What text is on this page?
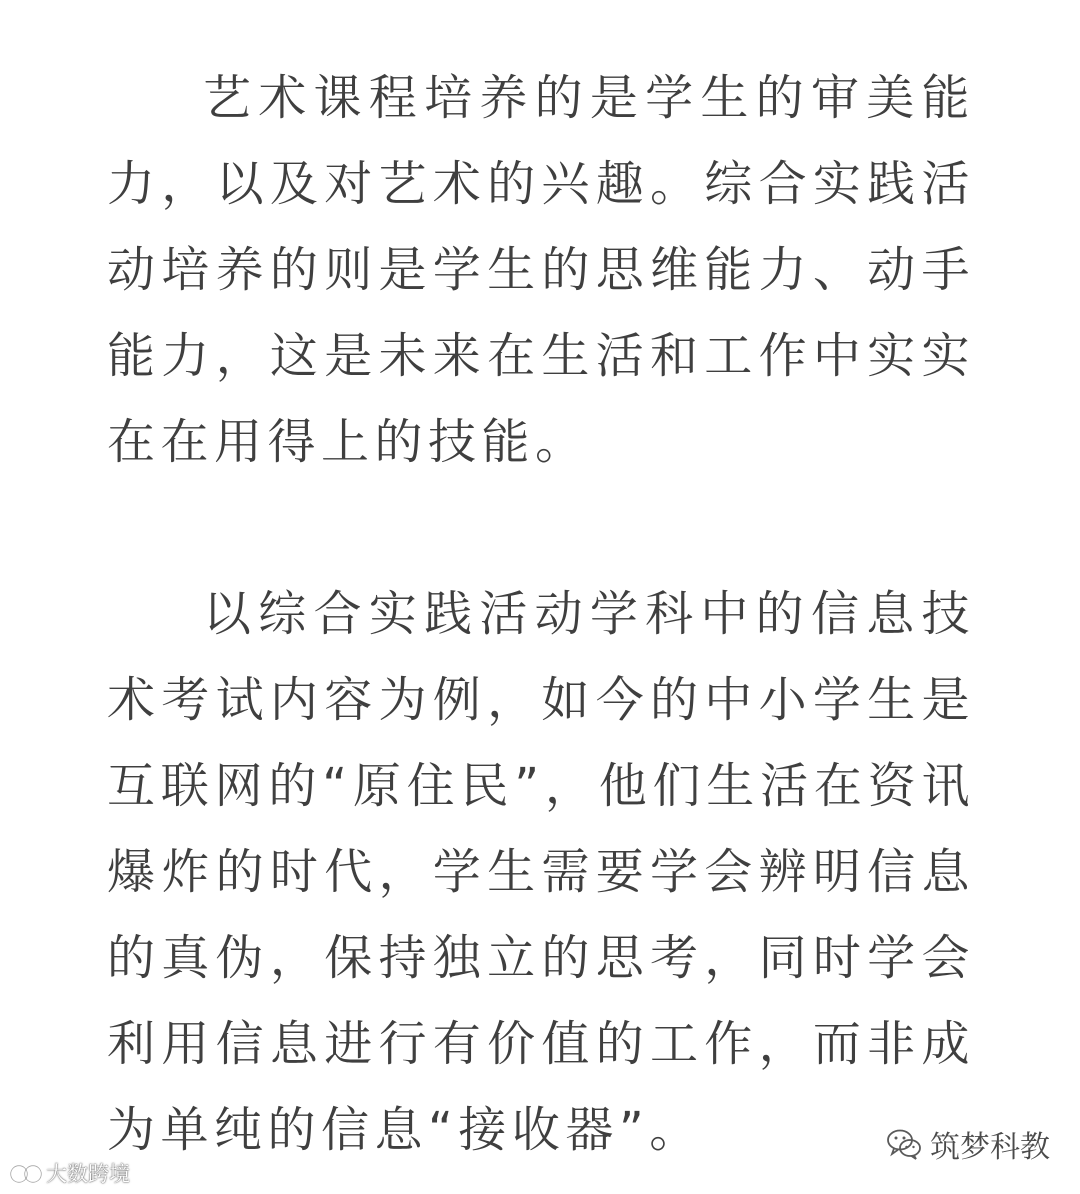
艺术课程培养的是学生的审美能力，以及对艺术的兴趣。综合实践活动培养的则是学生的思维能力、动手能力，这是未来在生活和工作中实实在在用得上的技能。

以综合实践活动学科中的信息技术考试内容为例，如今的中小学生是互联网的“原住民”，他们生活在资讯爆炸的时代，学生需要学会辨明信息的真伪，保持独立的思考，同时学会利用信息进行有价值的工作，而非成为单纯的信息“接收器”。

大数跨境
筑梦科教
